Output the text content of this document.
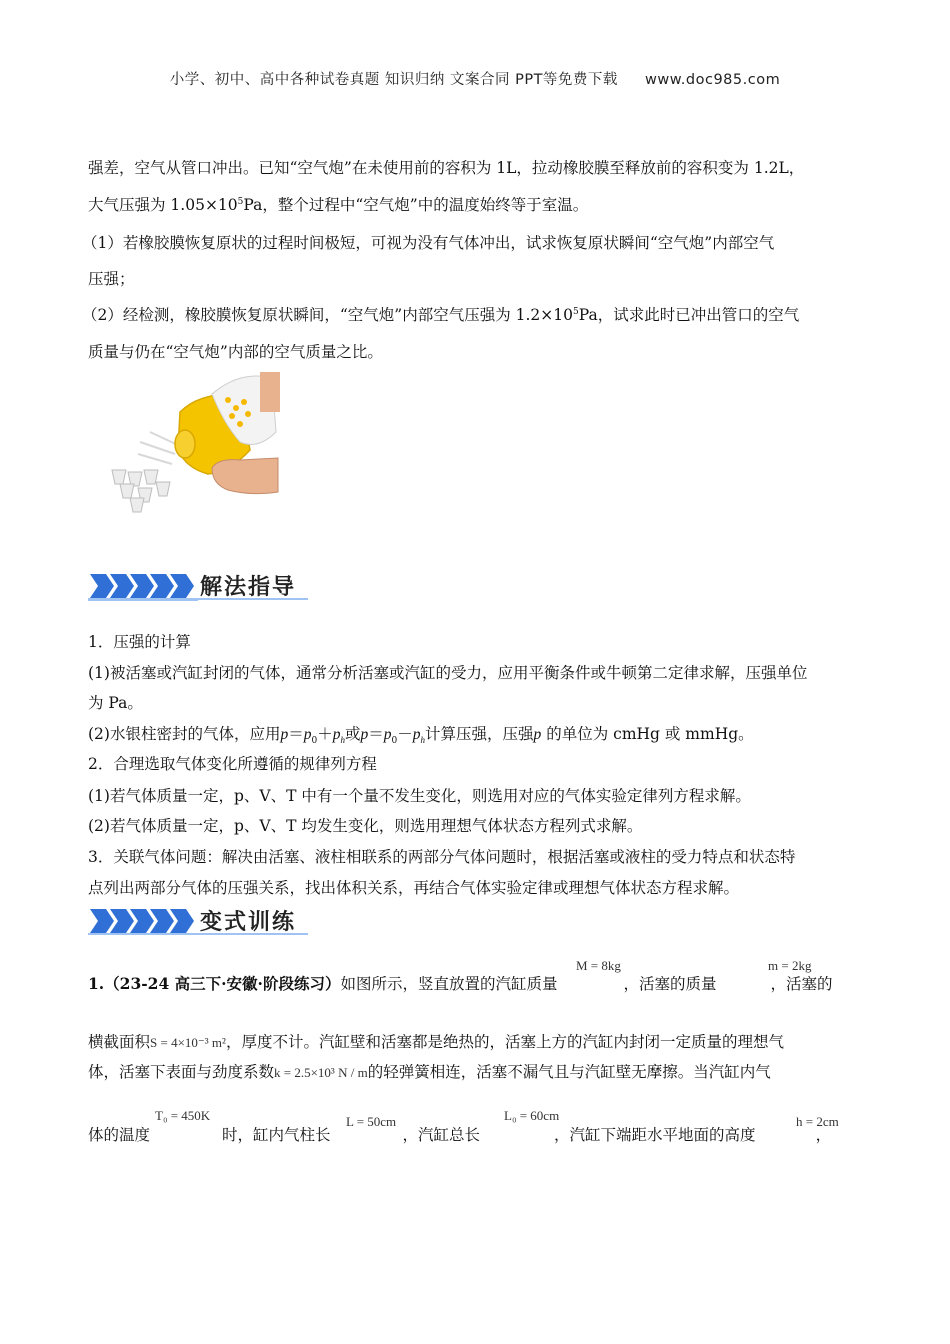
小学、初中、高中各种试卷真题 知识归纳 文案合同 PPT等免费下载 www.doc985.com
强差，空气从管口冲出。已知“空气炮”在未使用前的容积为 1L，拉动橡胶膜至释放前的容积变为 1.2L，
大气压强为 $1.05\times 10^5Pa$，整个过程中“空气炮”中的温度始终等于室温。
（1）若橡胶膜恢复原状的过程时间极短，可视为没有气体冲出，试求恢复原状瞬间“空气炮”内部空气
压强；
（2）经检测，橡胶膜恢复原状瞬间，“空气炮”内部空气压强为 $1.2\times 10^5Pa$，试求此时已冲出管口的空气
质量与仍在“空气炮”内部的空气质量之比。
解法指导
1．压强的计算
(1)被活塞或汽缸封闭的气体，通常分析活塞或汽缸的受力，应用平衡条件或牛顿第二定律求解，压强单位
为 Pa。
(2)水银柱密封的气体，应用$p=p_0+p_h$或$p=p_0-p_h$计算压强，压强p 的单位为 cmHg 或 mmHg。
2．合理选取气体变化所遵循的规律列方程
(1)若气体质量一定，p、V、T 中有一个量不发生变化，则选用对应的气体实验定律列方程求解。
(2)若气体质量一定，p、V、T 均发生变化，则选用理想气体状态方程列式求解。
3．关联气体问题：解决由活塞、液柱相联系的两部分气体问题时，根据活塞或液柱的受力特点和状态特
点列出两部分气体的压强关系，找出体积关系，再结合气体实验定律或理想气体状态方程求解。
变式训练
1.（23-24 高三下·安徽·阶段练习）如图所示，竖直放置的汽缸质量	，活塞的质量	，活塞的
M = 8kg	m = 2kg
横截面积S = 4×10⁻³ m²，厚度不计。汽缸壁和活塞都是绝热的，活塞上方的汽缸内封闭一定质量的理想气
体，活塞下表面与劲度系数k = 2.5×10³ N / m的轻弹簧相连，活塞不漏气且与汽缸壁无摩擦。当汽缸内气
体的温度	时，缸内气柱长	，汽缸总长	，汽缸下端距水平地面的高度	，
T₀ = 450K	L = 50cm	L₀ = 60cm	h = 2cm
